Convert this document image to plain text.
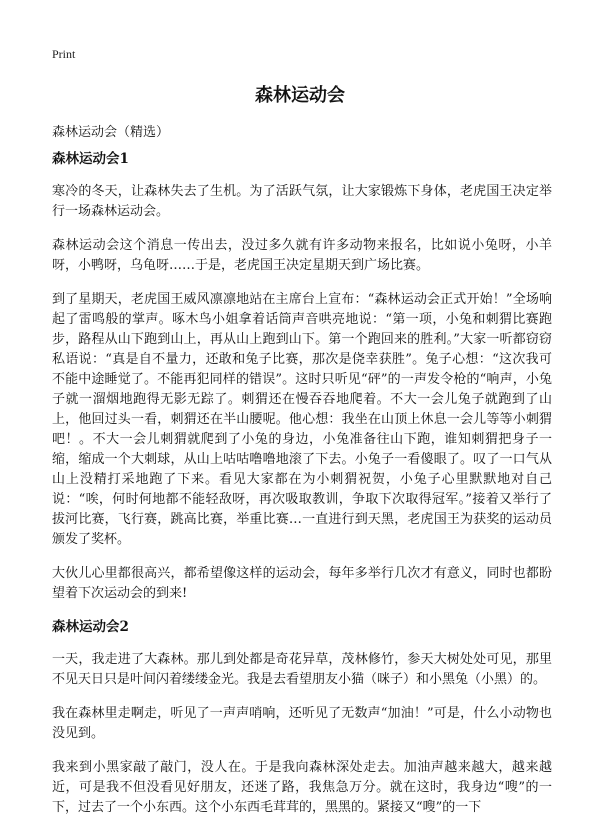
Print
森林运动会
森林运动会（精选）
森林运动会1

寒冷的冬天，让森林失去了生机。为了活跃气氛，让大家锻炼下身体，老虎国王决定举行一场森林运动会。

森林运动会这个消息一传出去，没过多久就有许多动物来报名，比如说小兔呀，小羊呀，小鸭呀，乌龟呀……于是，老虎国王决定星期天到广场比赛。

到了星期天，老虎国王威风凛凛地站在主席台上宣布：“森林运动会正式开始！”全场响起了雷鸣般的掌声。啄木鸟小姐拿着话筒声音哄亮地说：“第一项，小兔和刺猬比赛跑步，路程从山下跑到山上，再从山上跑到山下。第一个跑回来的胜利。”大家一听都窃窃私语说：“真是自不量力，还敢和兔子比赛，那次是侥幸获胜”。兔子心想：“这次我可不能中途睡觉了。不能再犯同样的错误”。这时只听见“砰”的一声发令枪的“响声，小兔子就一溜烟地跑得无影无踪了。刺猬还在慢吞吞地爬着。不大一会儿兔子就跑到了山上，他回过头一看，刺猬还在半山腰呢。他心想：我坐在山顶上休息一会儿等等小刺猬吧！。不大一会儿刺猬就爬到了小兔的身边，小兔准备往山下跑，谁知刺猬把身子一缩，缩成一个大刺球，从山上咕咕噜噜地滚了下去。小兔子一看傻眼了。叹了一口气从山上没精打采地跑了下来。看见大家都在为小刺猬祝贺，小兔子心里默默地对自己说：“唉，何时何地都不能轻敌呀，再次吸取教训，争取下次取得冠军。”接着又举行了拔河比赛，飞行赛，跳高比赛，举重比赛…一直进行到天黑，老虎国王为获奖的运动员颁发了奖杯。

大伙儿心里都很高兴，都希望像这样的运动会，每年多举行几次才有意义，同时也都盼望着下次运动会的到来!

森林运动会2

一天，我走进了大森林。那儿到处都是奇花异草，茂林修竹，参天大树处处可见，那里不见天日只是叶间闪着缕缕金光。我是去看望朋友小猫（咪子）和小黑兔（小黑）的。

我在森林里走啊走，听见了一声声哨响，还听见了无数声“加油！”可是，什么小动物也没见到。

我来到小黑家敲了敲门，没人在。于是我向森林深处走去。加油声越来越大，越来越近，可是我不但没看见好朋友，还迷了路，我焦急万分。就在这时，我身边“嗖”的一下，过去了一个小东西。这个小东西毛茸茸的，黑黑的。紧接又“嗖”的一下
